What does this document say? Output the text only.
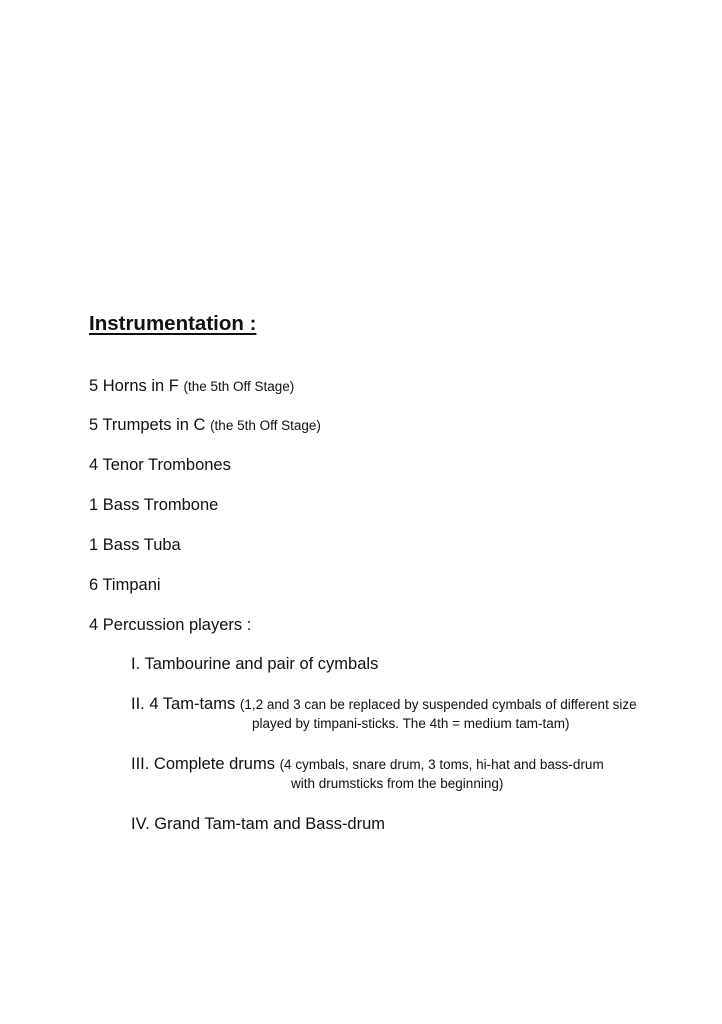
Instrumentation :
5 Horns in F (the 5th Off Stage)
5 Trumpets in C (the 5th Off Stage)
4 Tenor Trombones
1 Bass Trombone
1 Bass Tuba
6 Timpani
4 Percussion players :
I. Tambourine and pair of cymbals
II. 4 Tam-tams (1,2 and 3 can be replaced by suspended cymbals of different size
played by timpani-sticks. The 4th = medium tam-tam)
III. Complete drums (4 cymbals, snare drum, 3 toms, hi-hat and bass-drum
with drumsticks from the beginning)
IV. Grand Tam-tam and Bass-drum
